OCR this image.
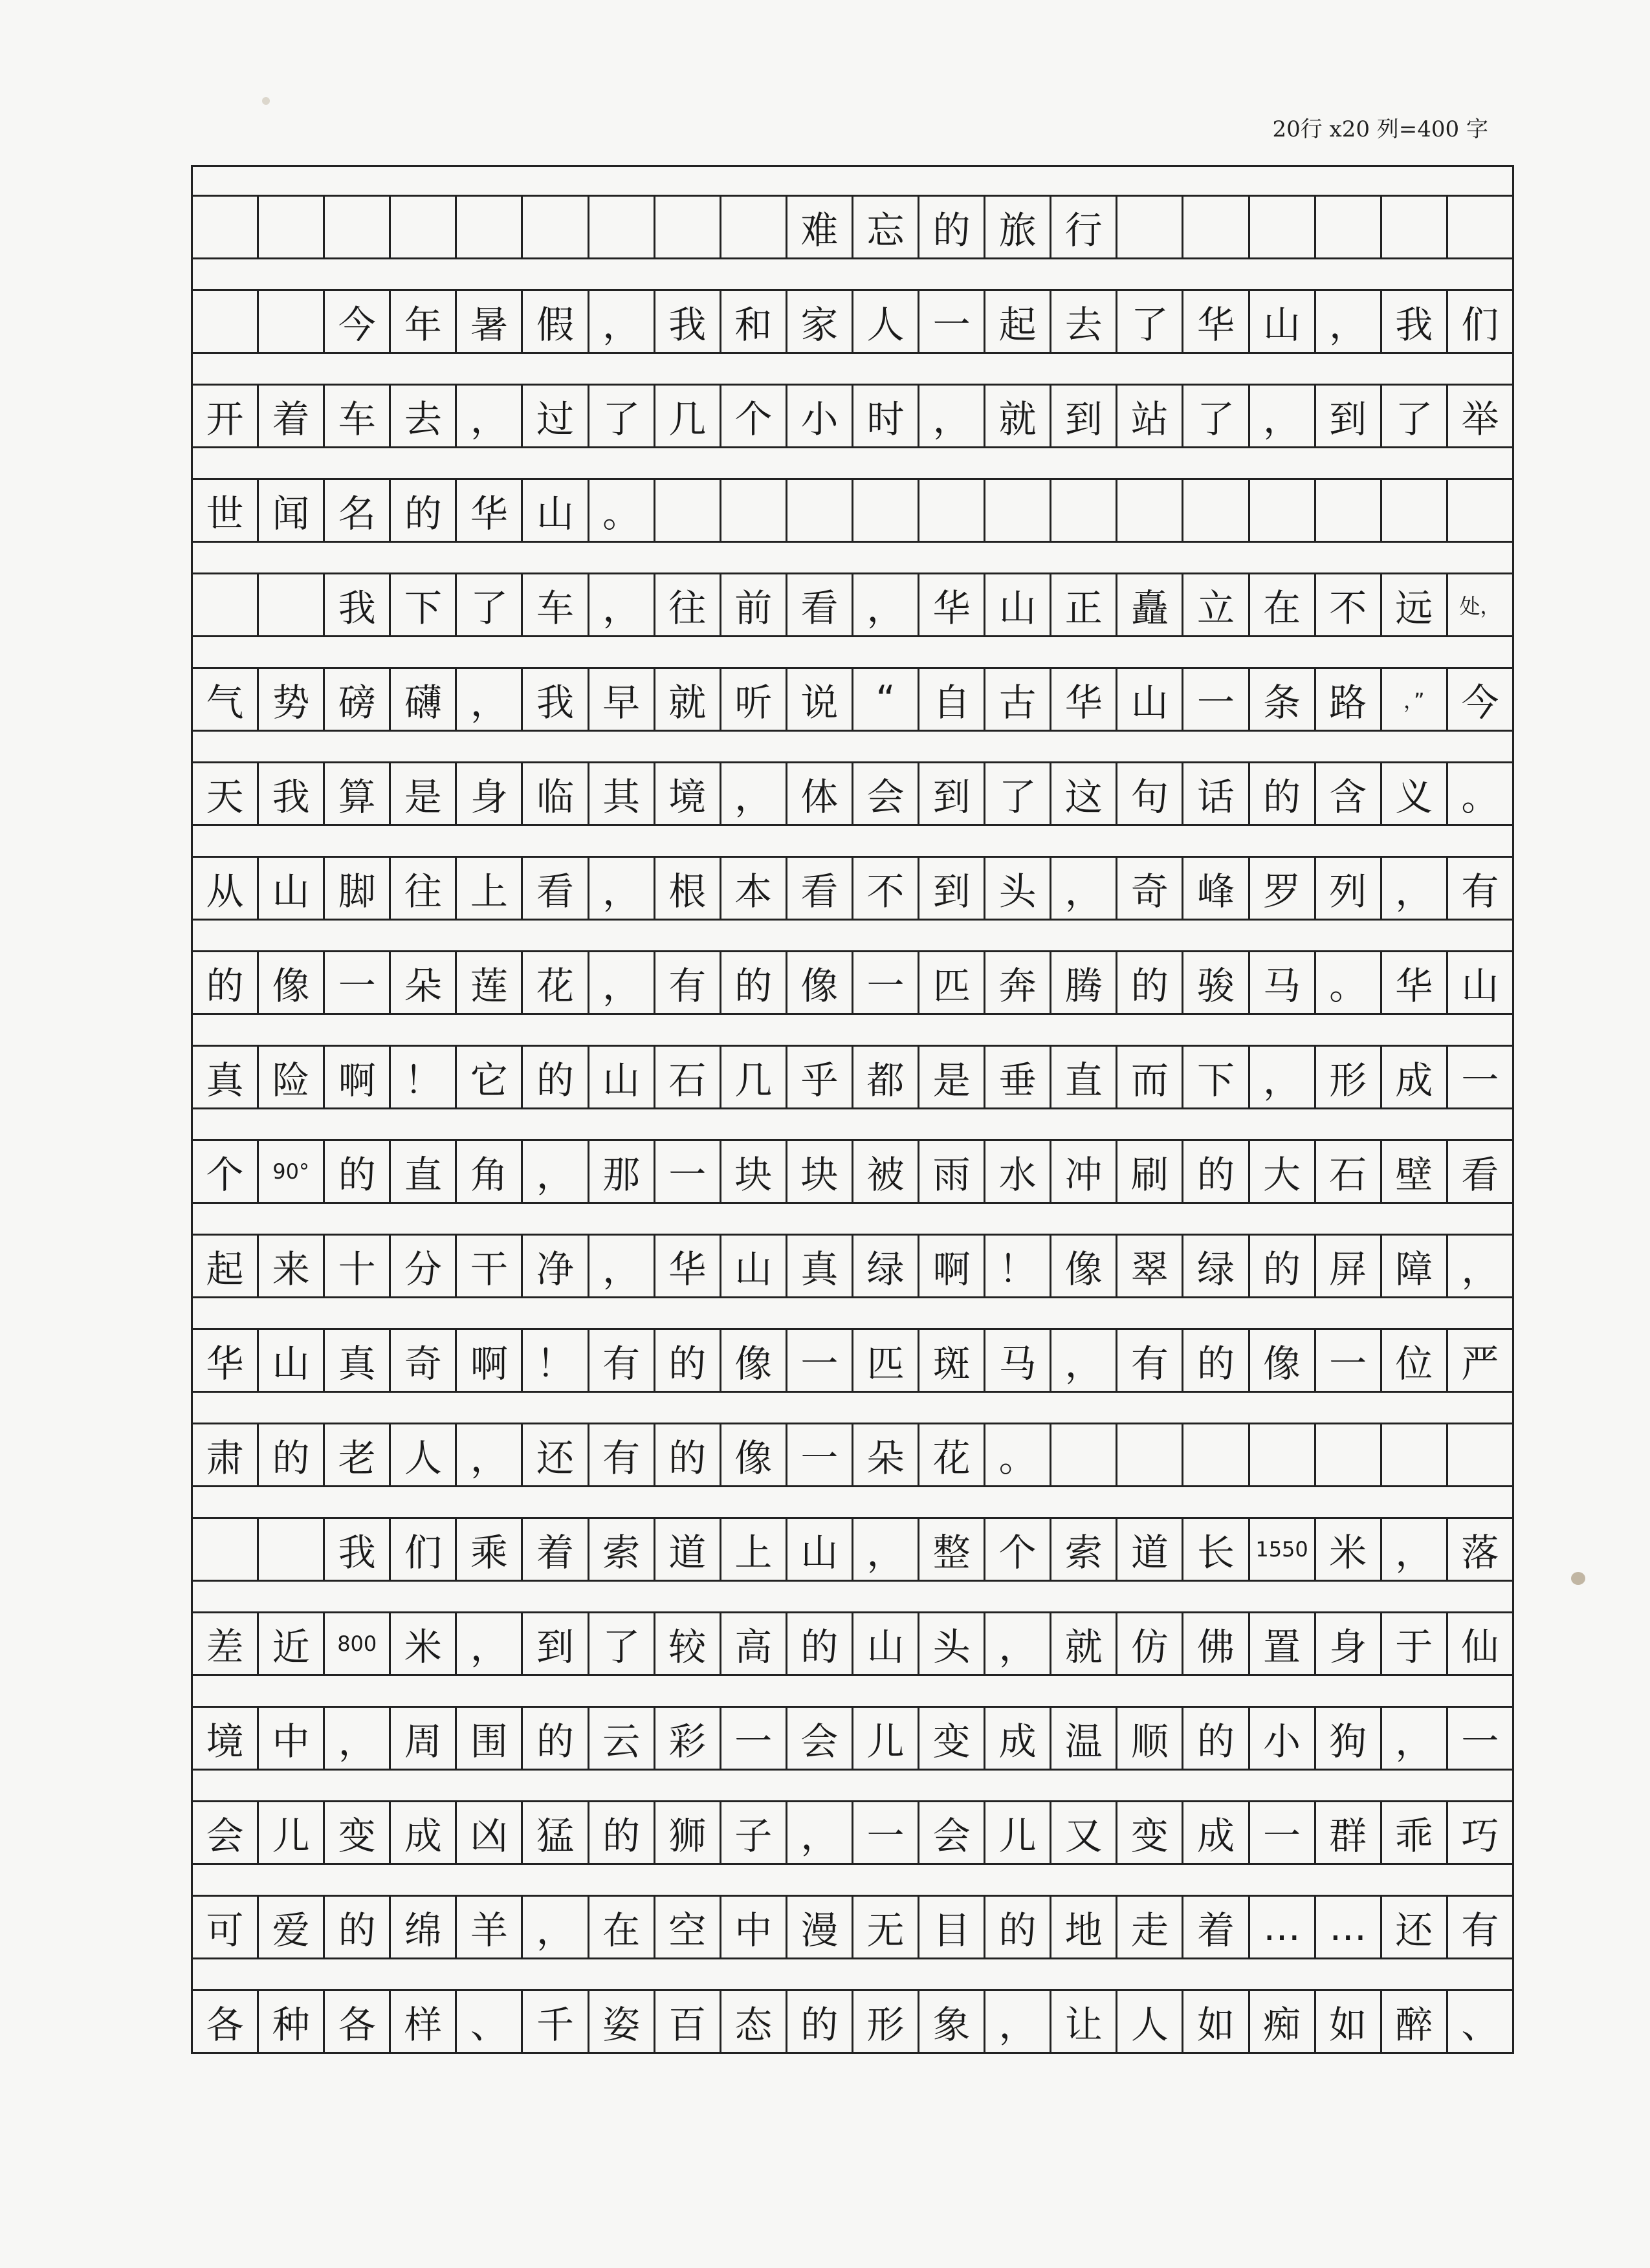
20行 x20 列=400 字
难 忘 的 旅 行
今 年 暑 假 ， 我 和 家 人 一 起 去 了 华 山 ， 我 们
开 着 车 去 ， 过 了 几 个 小 时 ， 就 到 站 了 ， 到 了 举
世 闻 名 的 华 山 。
我 下 了 车 ， 往 前 看 ， 华 山 正 矗 立 在 不 远	处，
气 势 磅 礴 ， 我 早 就 听 说	“	自 古 华 山 一 条 路	，” 今
天 我 算 是 身 临 其 境 ， 体 会 到 了 这 句 话 的 含 义 。
从 山 脚 往 上 看 ， 根 本 看 不 到 头 ， 奇 峰 罗 列 ， 有
的 像 一 朵 莲 花 ， 有 的 像 一 匹 奔 腾 的 骏 马 。 华 山
真 险 啊 ！ 它 的 山 石 几 乎 都 是 垂 直 而 下 ， 形 成 一
个	90° 的 直 角 ， 那 一 块 块 被 雨 水 冲 刷 的 大 石 壁 看
起 来 十 分 干 净 ， 华 山 真 绿 啊 ！ 像 翠 绿 的 屏 障 ，
华 山 真 奇 啊 ！ 有 的 像 一 匹 斑 马 ， 有 的 像 一 位 严
肃 的 老 人 ， 还 有 的 像 一 朵 花 。
我 们 乘 着 索 道 上 山 ， 整 个 索 道 长	1550 米 ， 落
差 近	800 米 ， 到 了 较 高 的 山 头 ， 就 仿 佛 置 身 于 仙
境 中 ， 周 围 的 云 彩 一 会 儿 变 成 温 顺 的 小 狗 ， 一
会 儿 变 成 凶 猛 的 狮 子 ， 一 会 儿 又 变 成 一 群 乖 巧
可 爱 的 绵 羊 ， 在 空 中 漫 无 目 的 地 走 着 … … 还 有
各 种 各 样 、 千 姿 百 态 的 形 象 ， 让 人 如 痴 如 醉 、
